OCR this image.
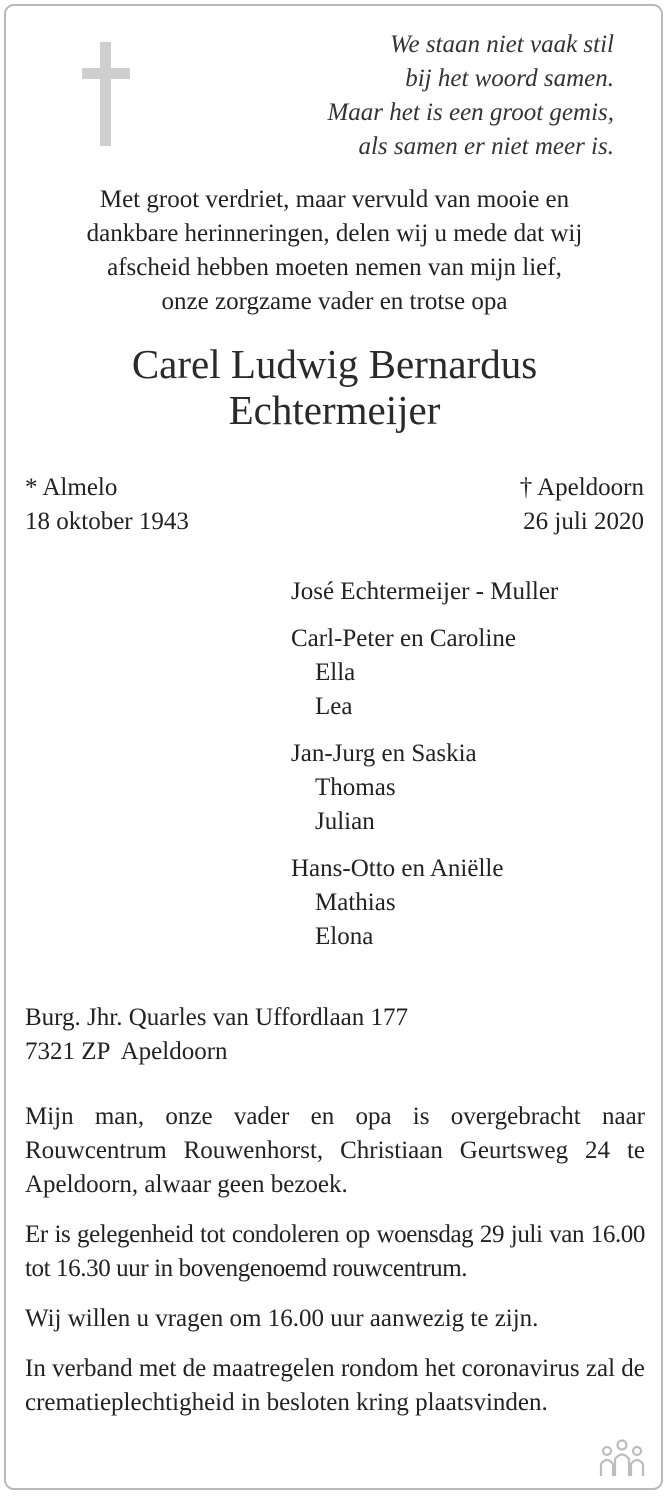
We staan niet vaak stil
bij het woord samen.
Maar het is een groot gemis,
als samen er niet meer is.
Met groot verdriet, maar vervuld van mooie en
dankbare herinneringen, delen wij u mede dat wij
afscheid hebben moeten nemen van mijn lief,
onze zorgzame vader en trotse opa
Carel Ludwig Bernardus
Echtermeijer
* Almelo
18 oktober 1943
† Apeldoorn
26 juli 2020
José Echtermeijer - Muller
Carl-Peter en Caroline
Ella
Lea
Jan-Jurg en Saskia
Thomas
Julian
Hans-Otto en Aniëlle
Mathias
Elona
Burg. Jhr. Quarles van Uffordlaan 177
7321 ZP  Apeldoorn

Mijn man, onze vader en opa is overgebracht naar Rouwcentrum Rouwenhorst, Christiaan Geurtsweg 24 te Apeldoorn, alwaar geen bezoek.

Er is gelegenheid tot condoleren op woensdag 29 juli van 16.00 tot 16.30 uur in bovengenoemd rouwcentrum.

Wij willen u vragen om 16.00 uur aanwezig te zijn.

In verband met de maatregelen rondom het coronavirus zal de crematieplechtigheid in besloten kring plaatsvinden.
